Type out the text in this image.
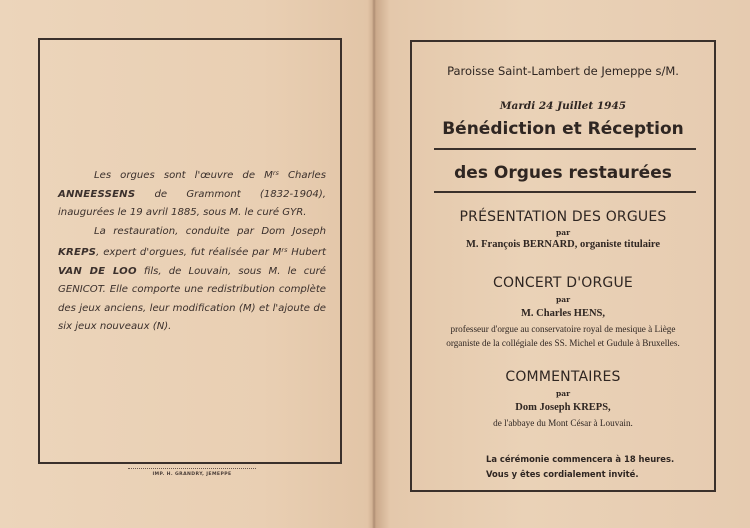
Les orgues sont l'œuvre de $M^{rs}$ Charles ANNEESSENS de Grammont (1832-1904), inaugurées le 19 avril 1885, sous M. le curé GYR.

La restauration, conduite par Dom Joseph KREPS, expert d'orgues, fut réalisée par $M^{rs}$ Hubert VAN DE LOO fils, de Louvain, sous M. le curé GENICOT. Elle comporte une redistribution complète des jeux anciens, leur modification (M) et l'ajoute de six jeux nouveaux (N).

IMP. H. GRANDRY, JEMEPPE
Paroisse Saint-Lambert de Jemeppe s/M.
Mardi 24 Juillet 1945
Bénédiction et Réception
des Orgues restaurées
PRÉSENTATION DES ORGUES
par
M. François BERNARD, organiste titulaire
CONCERT D'ORGUE
par
M. Charles HENS,
professeur d'orgue au conservatoire royal de mesique à Liège
organiste de la collégiale des SS. Michel et Gudule à Bruxelles.
COMMENTAIRES
par
Dom Joseph KREPS,
de l'abbaye du Mont César à Louvain.
La cérémonie commencera à 18 heures.
Vous y êtes cordialement invité.
